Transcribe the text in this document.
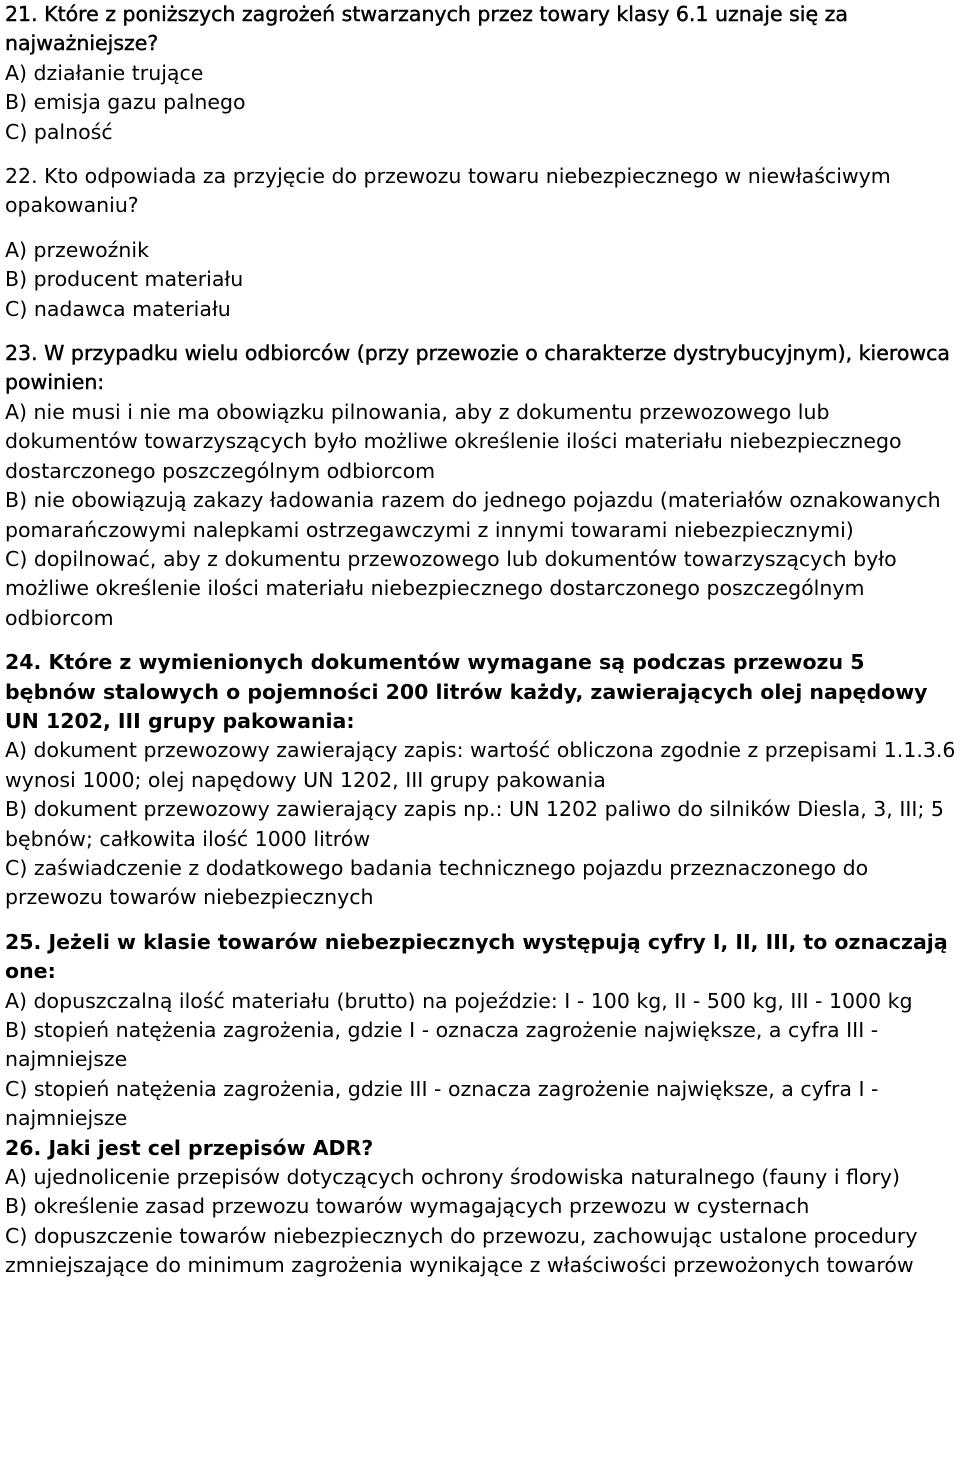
21. Które z poniższych zagrożeń stwarzanych przez towary klasy 6.1 uznaje się za najważniejsze?

A) działanie trujące

B) emisja gazu palnego

C) palność

22. Kto odpowiada za przyjęcie do przewozu towaru niebezpiecznego w niewłaściwym opakowaniu?

A) przewoźnik

B) producent materiału

C) nadawca materiału

23. W przypadku wielu odbiorców (przy przewozie o charakterze dystrybucyjnym), kierowca powinien:

A) nie musi i nie ma obowiązku pilnowania, aby z dokumentu przewozowego lub dokumentów towarzyszących było możliwe określenie ilości materiału niebezpiecznego dostarczonego poszczególnym odbiorcom

B) nie obowiązują zakazy ładowania razem do jednego pojazdu (materiałów oznakowanych pomarańczowymi nalepkami ostrzegawczymi z innymi towarami niebezpiecznymi)

C) dopilnować, aby z dokumentu przewozowego lub dokumentów towarzyszących było możliwe określenie ilości materiału niebezpiecznego dostarczonego poszczególnym odbiorcom

24. Które z wymienionych dokumentów wymagane są podczas przewozu 5 bębnów stalowych o pojemności 200 litrów każdy, zawierających olej napędowy UN 1202, III grupy pakowania:

A) dokument przewozowy zawierający zapis: wartość obliczona zgodnie z przepisami 1.1.3.6 wynosi 1000; olej napędowy UN 1202, III grupy pakowania

B) dokument przewozowy zawierający zapis np.: UN 1202 paliwo do silników Diesla, 3, III; 5 bębnów; całkowita ilość 1000 litrów

C) zaświadczenie z dodatkowego badania technicznego pojazdu przeznaczonego do przewozu towarów niebezpiecznych

25. Jeżeli w klasie towarów niebezpiecznych występują cyfry I, II, III, to oznaczają one:

A) dopuszczalną ilość materiału (brutto) na pojeździe: I - 100 kg, II - 500 kg, III - 1000 kg

B) stopień natężenia zagrożenia, gdzie I - oznacza zagrożenie największe, a cyfra III - najmniejsze

C) stopień natężenia zagrożenia, gdzie III - oznacza zagrożenie największe, a cyfra I - najmniejsze

26. Jaki jest cel przepisów ADR?

A) ujednolicenie przepisów dotyczących ochrony środowiska naturalnego (fauny i flory)

B) określenie zasad przewozu towarów wymagających przewozu w cysternach

C) dopuszczenie towarów niebezpiecznych do przewozu, zachowując ustalone procedury zmniejszające do minimum zagrożenia wynikające z właściwości przewożonych towarów
